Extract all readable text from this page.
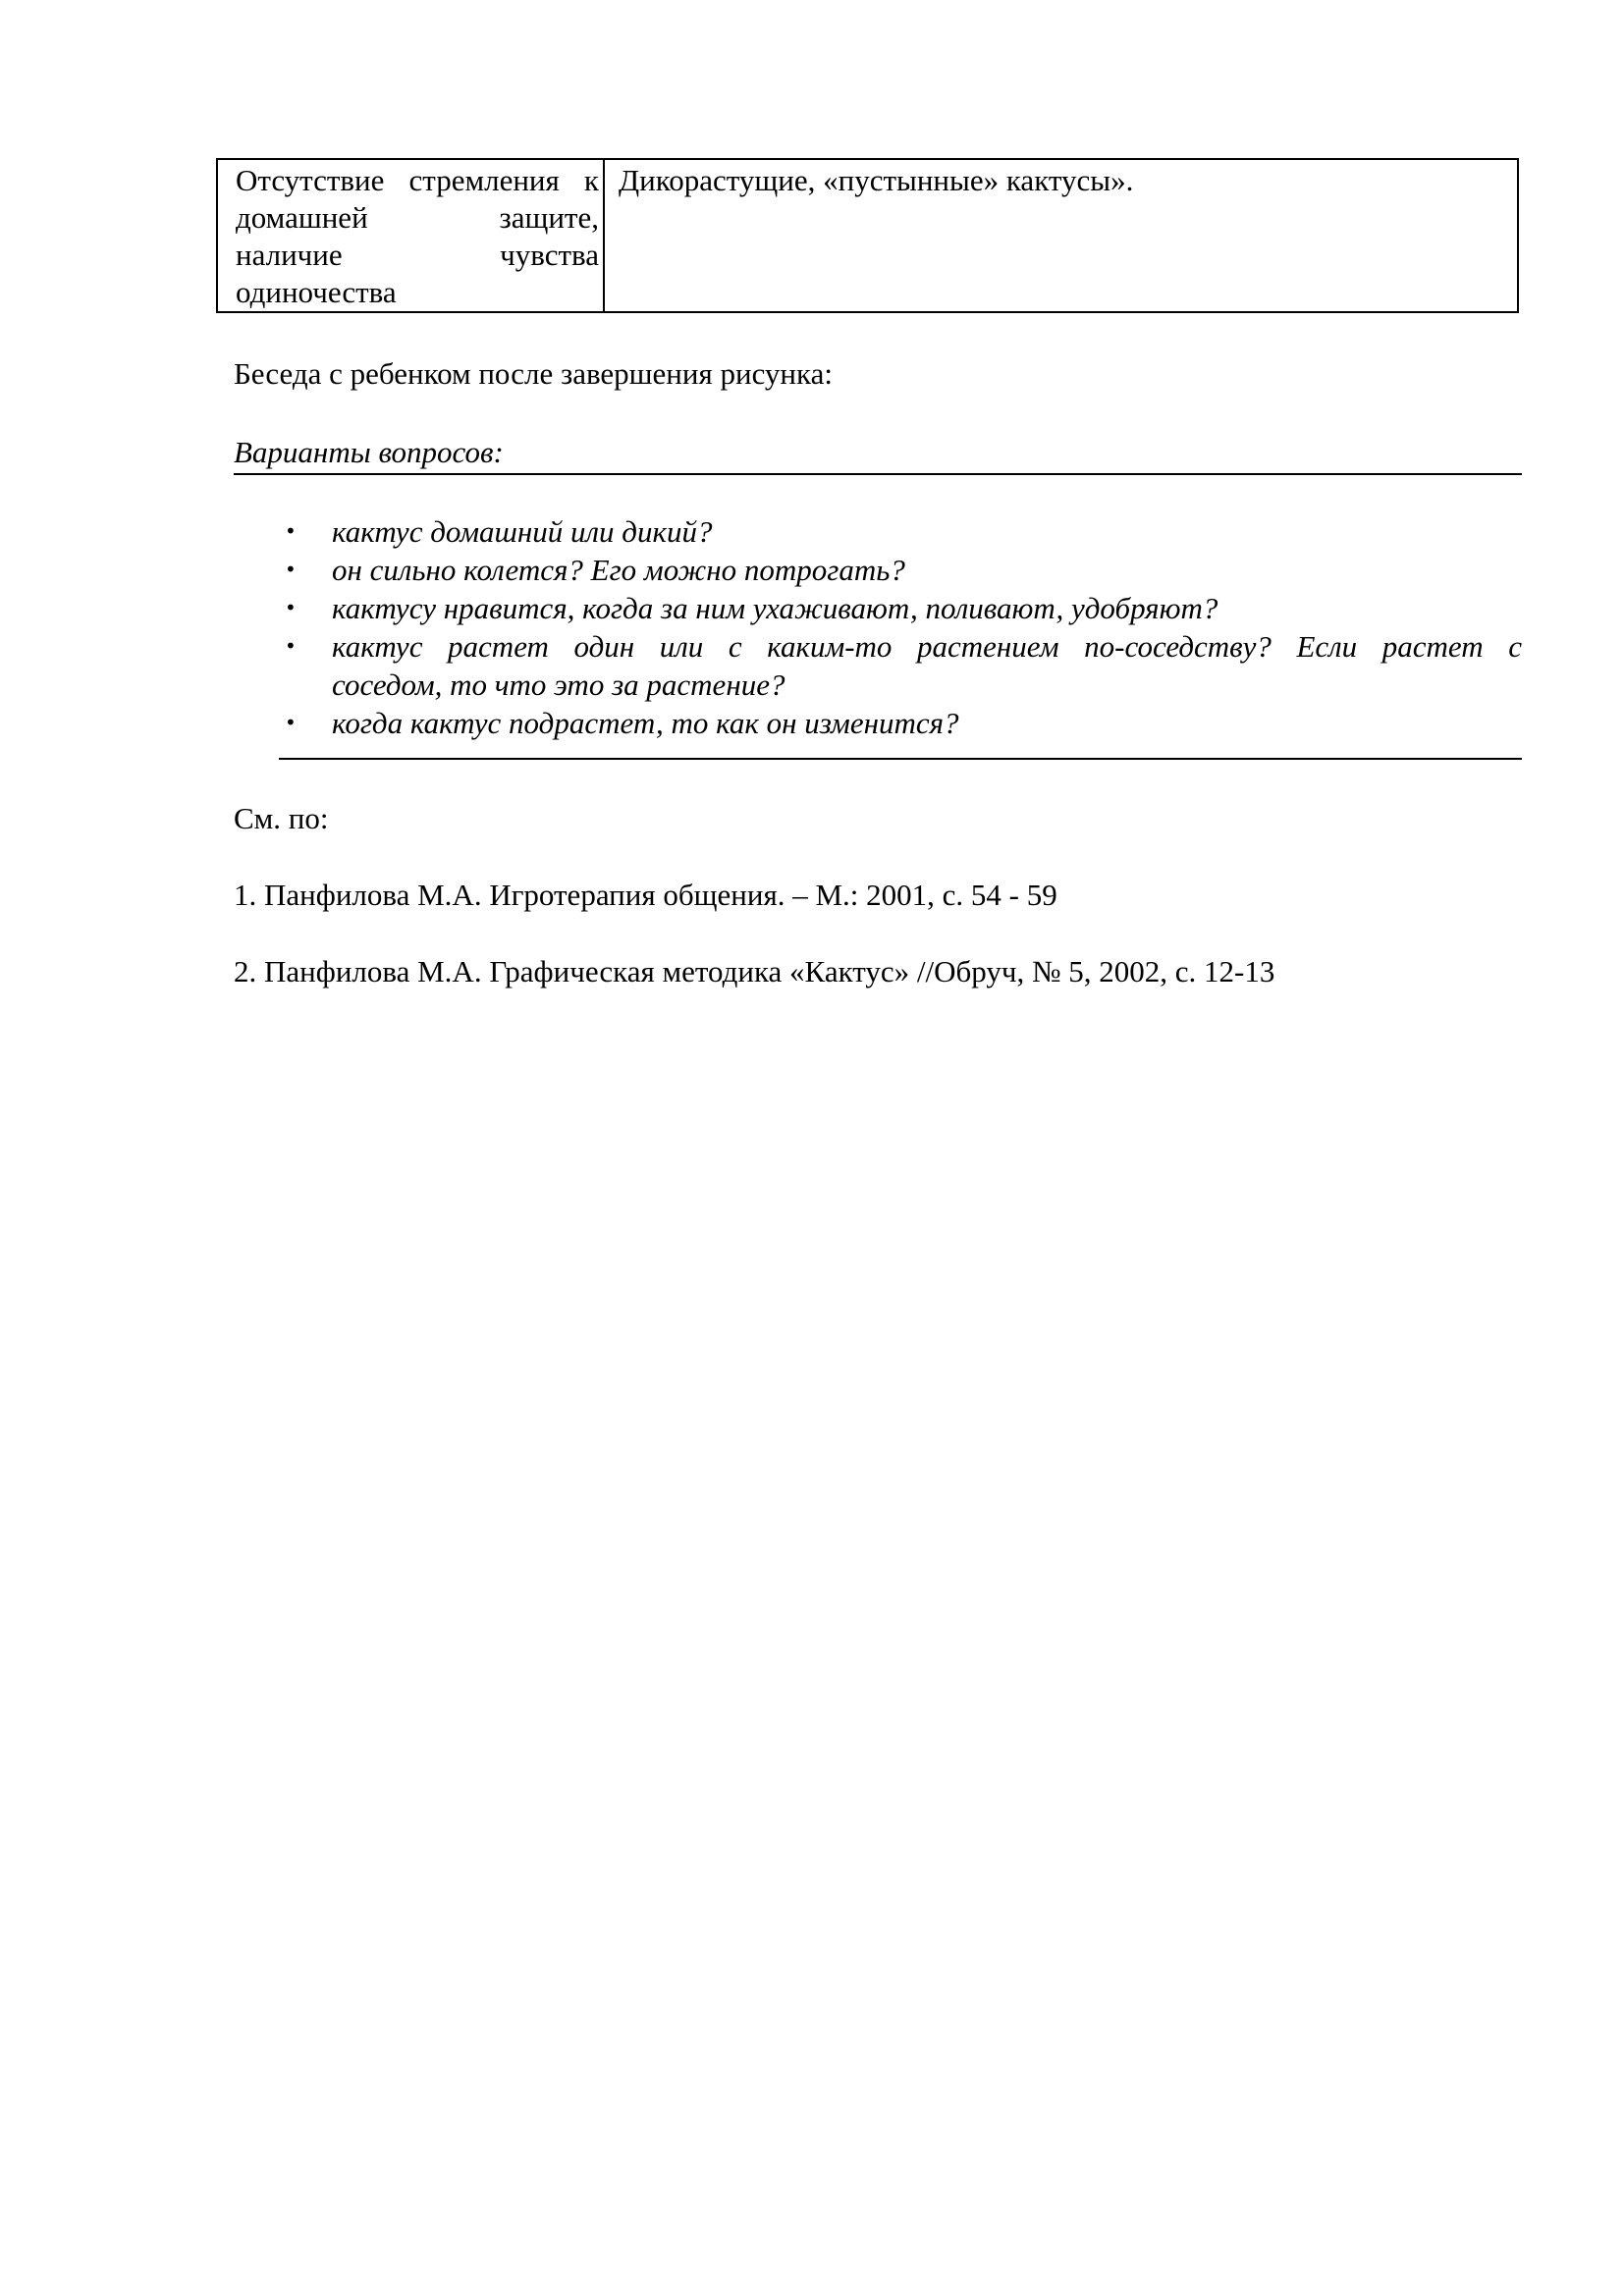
Отсутствие стремления к
домашней защите,
наличие чувства
одиночества
	Дикорастущие, «пустынные» кактусы».
Беседа с ребенком после завершения рисунка:
Варианты вопросов:
• кактус домашний или дикий?
• он сильно колется? Его можно потрогать?
• кактусу нравится, когда за ним ухаживают, поливают, удобряют?
• кактус растет один или с каким-то растением по-соседству? Если растет с
соседом, то что это за растение?
• когда кактус подрастет, то как он изменится?
См. по:
1. Панфилова М.А. Игротерапия общения. – М.: 2001, с. 54 - 59
2. Панфилова М.А. Графическая методика «Кактус» //Обруч, № 5, 2002, с. 12-13
